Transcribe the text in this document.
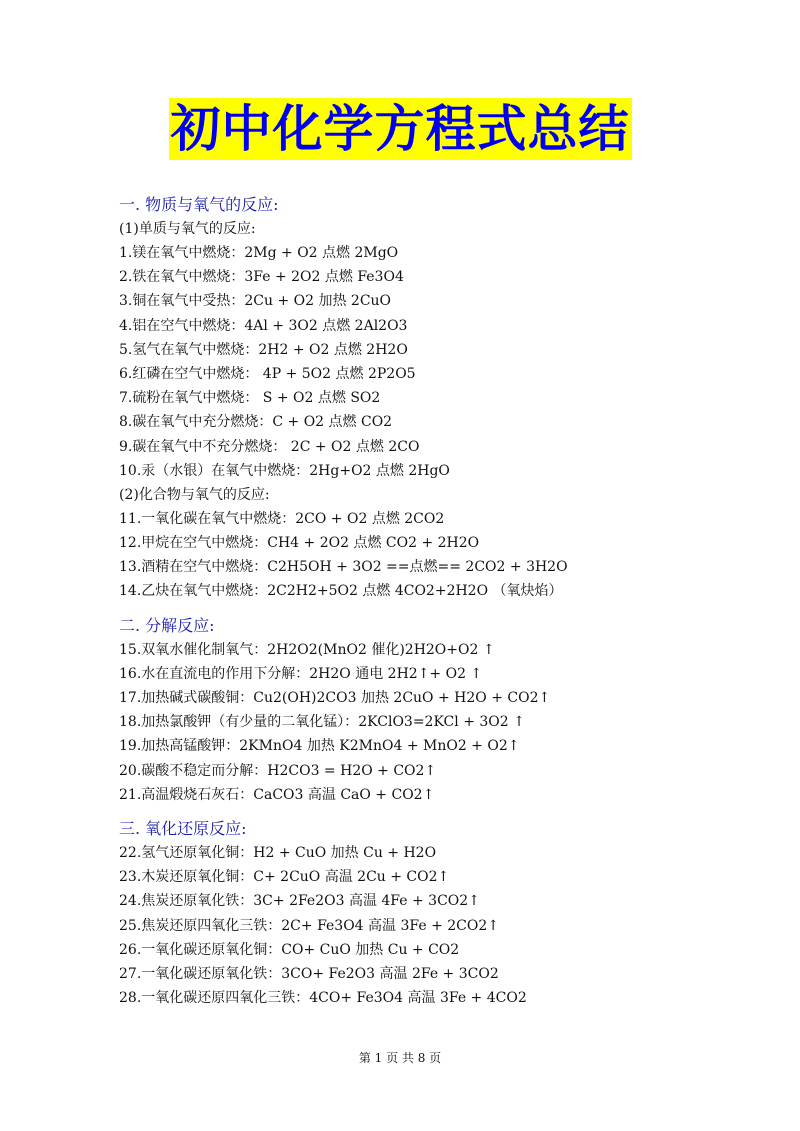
初中化学方程式总结
一. 物质与氧气的反应:
(1)单质与氧气的反应:
1.镁在氧气中燃烧：2Mg + O2 点燃 2MgO
2.铁在氧气中燃烧：3Fe + 2O2 点燃 Fe3O4
3.铜在氧气中受热：2Cu + O2 加热 2CuO
4.铝在空气中燃烧：4Al + 3O2 点燃 2Al2O3
5.氢气在氧气中燃烧：2H2 + O2 点燃 2H2O
6.红磷在空气中燃烧： 4P + 5O2 点燃 2P2O5
7.硫粉在氧气中燃烧： S + O2 点燃 SO2
8.碳在氧气中充分燃烧：C + O2 点燃 CO2
9.碳在氧气中不充分燃烧： 2C + O2 点燃 2CO
10.汞（水银）在氧气中燃烧：2Hg+O2 点燃 2HgO
(2)化合物与氧气的反应:
11.一氧化碳在氧气中燃烧：2CO + O2 点燃 2CO2
12.甲烷在空气中燃烧：CH4 + 2O2 点燃 CO2 + 2H2O
13.酒精在空气中燃烧：C2H5OH + 3O2 ==点燃== 2CO2 + 3H2O
14.乙炔在氧气中燃烧：2C2H2+5O2 点燃 4CO2+2H2O （氧炔焰）
二. 分解反应:
15.双氧水催化制氧气：2H2O2(MnO2 催化)2H2O+O2 ↑
16.水在直流电的作用下分解：2H2O 通电 2H2↑+ O2 ↑
17.加热碱式碳酸铜：Cu2(OH)2CO3 加热 2CuO + H2O + CO2↑
18.加热氯酸钾（有少量的二氧化锰）：2KClO3=2KCl + 3O2 ↑
19.加热高锰酸钾：2KMnO4 加热 K2MnO4 + MnO2 + O2↑
20.碳酸不稳定而分解：H2CO3 = H2O + CO2↑
21.高温煅烧石灰石：CaCO3 高温 CaO + CO2↑
三. 氧化还原反应:
22.氢气还原氧化铜：H2 + CuO 加热 Cu + H2O
23.木炭还原氧化铜：C+ 2CuO 高温 2Cu + CO2↑
24.焦炭还原氧化铁：3C+ 2Fe2O3 高温 4Fe + 3CO2↑
25.焦炭还原四氧化三铁：2C+ Fe3O4 高温 3Fe + 2CO2↑
26.一氧化碳还原氧化铜：CO+ CuO 加热 Cu + CO2
27.一氧化碳还原氧化铁：3CO+ Fe2O3 高温 2Fe + 3CO2
28.一氧化碳还原四氧化三铁：4CO+ Fe3O4 高温 3Fe + 4CO2
第 1 页 共 8 页
